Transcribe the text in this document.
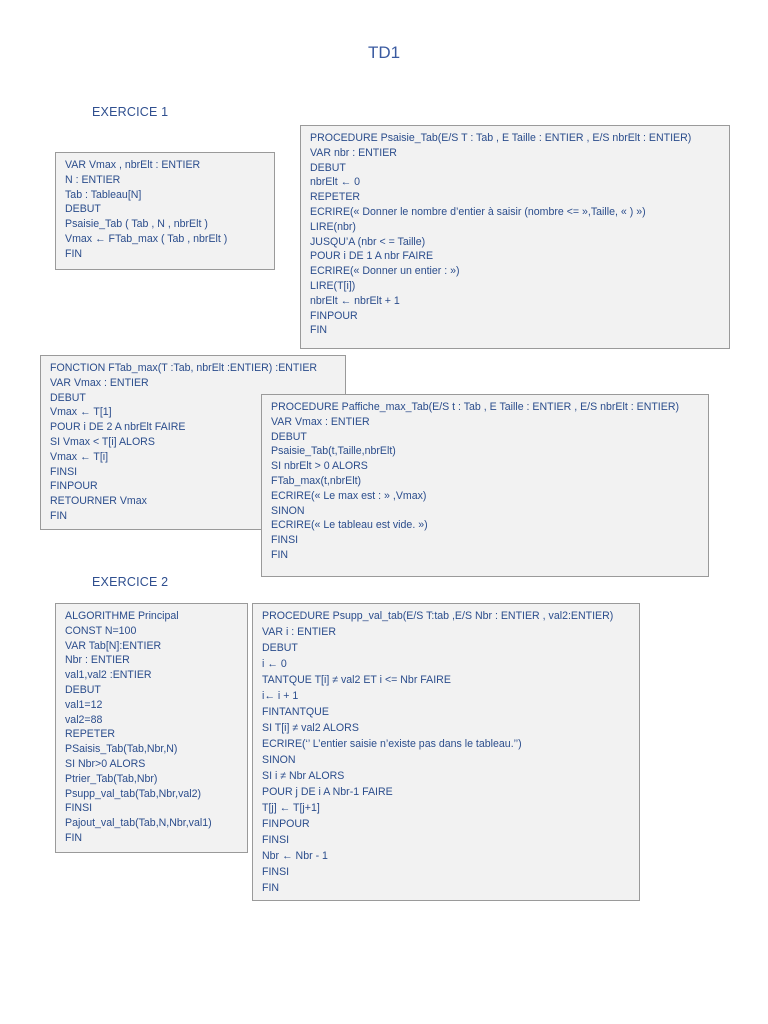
TD1
EXERCICE 1
VAR Vmax , nbrElt : ENTIER
N : ENTIER
Tab : Tableau[N]
DEBUT
Psaisie_Tab ( Tab , N , nbrElt )
Vmax ← FTab_max ( Tab , nbrElt )
FIN
PROCEDURE Psaisie_Tab(E/S T : Tab , E Taille : ENTIER , E/S nbrElt : ENTIER)
VAR nbr : ENTIER
DEBUT
nbrElt ← 0
REPETER
ECRIRE(« Donner le nombre d’entier à saisir (nombre <= »,Taille, « ) »)
LIRE(nbr)
JUSQU’A (nbr < = Taille)
POUR i DE 1 A nbr FAIRE
ECRIRE(« Donner un entier : »)
LIRE(T[i])
nbrElt ← nbrElt + 1
FINPOUR
FIN
FONCTION FTab_max(T :Tab, nbrElt :ENTIER) :ENTIER
VAR Vmax : ENTIER
DEBUT
Vmax ← T[1]
POUR i DE 2 A nbrElt FAIRE
SI Vmax < T[i] ALORS
Vmax ← T[i]
FINSI
FINPOUR
RETOURNER Vmax
FIN
PROCEDURE Paffiche_max_Tab(E/S t : Tab , E Taille : ENTIER , E/S nbrElt : ENTIER)
VAR Vmax : ENTIER
DEBUT
Psaisie_Tab(t,Taille,nbrElt)
SI nbrElt > 0 ALORS
FTab_max(t,nbrElt)
ECRIRE(« Le max est : » ,Vmax)
SINON
ECRIRE(« Le tableau est vide. »)
FINSI
FIN
EXERCICE 2
ALGORITHME Principal
CONST N=100
VAR Tab[N]:ENTIER
Nbr : ENTIER
val1,val2 :ENTIER
DEBUT
val1=12
val2=88
REPETER
PSaisis_Tab(Tab,Nbr,N)
SI Nbr>0 ALORS
Ptrier_Tab(Tab,Nbr)
Psupp_val_tab(Tab,Nbr,val2)
FINSI
Pajout_val_tab(Tab,N,Nbr,val1)
FIN
PROCEDURE Psupp_val_tab(E/S T:tab ,E/S Nbr : ENTIER , val2:ENTIER)
VAR i : ENTIER
DEBUT
i ← 0
TANTQUE T[i] ≠ val2 ET i <= Nbr FAIRE
i← i + 1
FINTANTQUE
SI T[i] ≠ val2 ALORS
ECRIRE(‘’ L’entier saisie n’existe pas dans le tableau.’’)
SINON
SI i ≠ Nbr ALORS
POUR j DE i A Nbr-1 FAIRE
T[j] ← T[j+1]
FINPOUR
FINSI
Nbr ← Nbr - 1
FINSI
FIN
